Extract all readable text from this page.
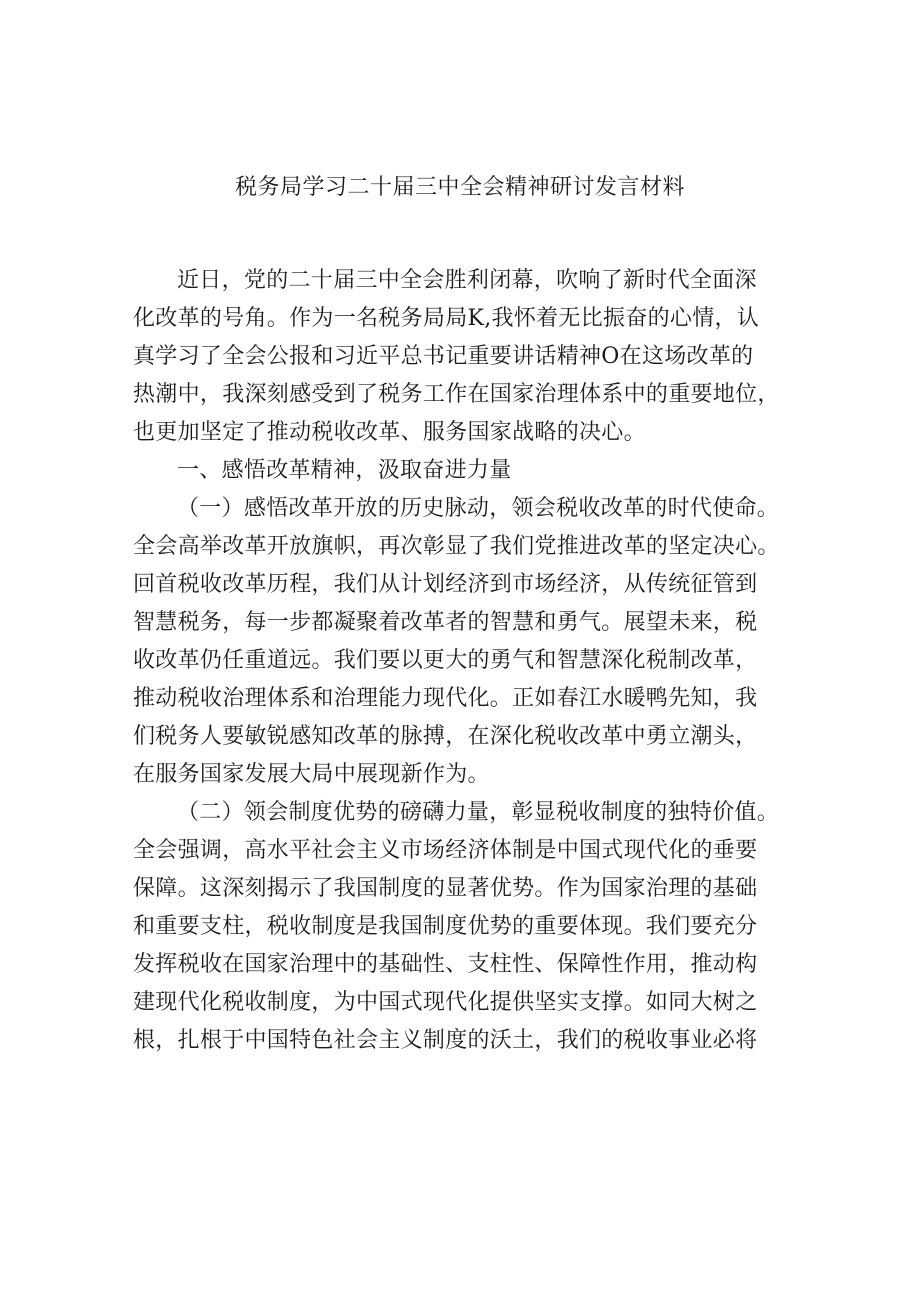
税务局学习二十届三中全会精神研讨发言材料
近日，党的二十届三中全会胜利闭幕，吹响了新时代全面深
化改革的号角。作为一名税务局局K,我怀着无比振奋的心情，认
真学习了全会公报和习近平总书记重要讲话精神O在这场改革的
热潮中，我深刻感受到了税务工作在国家治理体系中的重要地位，
也更加坚定了推动税收改革、服务国家战略的决心。
一、感悟改革精神，汲取奋进力量
（一）感悟改革开放的历史脉动，领会税收改革的时代使命。
全会高举改革开放旗帜，再次彰显了我们党推进改革的坚定决心。
回首税收改革历程，我们从计划经济到市场经济，从传统征管到
智慧税务，每一步都凝聚着改革者的智慧和勇气。展望未来，税
收改革仍任重道远。我们要以更大的勇气和智慧深化税制改革，
推动税收治理体系和治理能力现代化。正如春江水暖鸭先知，我
们税务人要敏锐感知改革的脉搏，在深化税收改革中勇立潮头，
在服务国家发展大局中展现新作为。
（二）领会制度优势的磅礴力量，彰显税收制度的独特价值。
全会强调，高水平社会主义市场经济体制是中国式现代化的垂要
保障。这深刻揭示了我国制度的显著优势。作为国家治理的基础
和重要支柱，税收制度是我国制度优势的重要体现。我们要充分
发挥税收在国家治理中的基础性、支柱性、保障性作用，推动构
建现代化税收制度，为中国式现代化提供坚实支撑。如同大树之
根，扎根于中国特色社会主义制度的沃土，我们的税收事业必将
